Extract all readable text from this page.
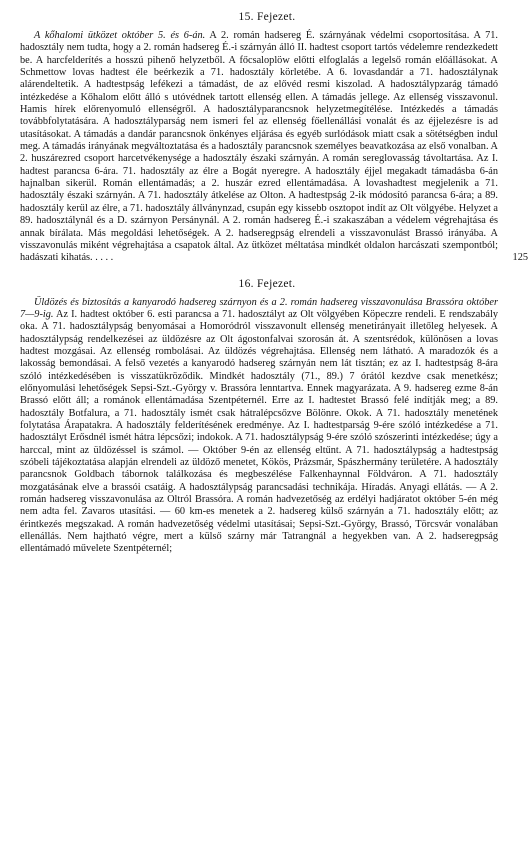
15. Fejezet.

A kőhalomi ütközet október 5. és 6-án. A 2. román hadsereg É. szárnyának védelmi csoportosítása. A 71. hadosztály nem tudta, hogy a 2. román hadsereg É.-i szárnyán álló II. hadtest csoport tartós védelemre rendezkedett be. A harcfelderítés a hosszú pihenő helyzetből. A főcsaloplöw előtti elfoglalás a legelső román előállásokat. A Schmettow lovas hadtest éle beérkezik a 71. hadosztály körletébe. A 6. lovasdandár a 71. hadosztálynak alárendeltetik. A hadtestpság lefékezi a támadást, de az elővéd resmi kiszolad. A hadosztálypzarág támadó intézkedése a Kőhalom előtt álló s utóvédnek tartott ellenség ellen. A támadás jellege. Az ellenség visszavonul. Hamis hírek előrenyomuló ellenségről. A hadosztályparancsnok helyzetmegítélése. Intézkedés a támadás továbbfolytatására. A hadosztályparság nem ismeri fel az ellenség főellenállási vonalát és az éjjelezésre is ad utasításokat. A támadás a dandár parancsnok önkényes eljárása és egyéb surlódások miatt csak a sötétségben indul meg. A támadás irányának megváltoztatása és a hadosztály parancsnok személyes beavatkozása az első vonalban. A 2. huszárezred csoport harcetvékenysége a hadosztály északi szárnyán. A román sereglovasság távoltartása. Az I. hadtest parancsa 6-ára. 71. hadosztály az élre a Bogát nyeregre. A hadosztály éjjel megakadt támadásba 6-án hajnalban sikerül. Román ellentámadás; a 2. huszár ezred ellentámadása. A lovashadtest megjelenik a 71. hadosztály északi szárnyán. A 71. hadosztály átkelése az Olton. A hadtestpság 2-ik módosító parancsa 6-ára; a 89. hadosztály kerül az élre, a 71. hadosztály állványnzad, csupán egy kissebb osztopot indít az Olt völgyébe. Helyzet a 89. hadosztálynál és a D. szárnyon Persánynál. A 2. román hadsereg É.-i szakaszában a védelem végrehajtása és annak bírálata. Más megoldási lehetőségek. A 2. hadseregpság elrendeli a visszavonulást Brassó irányába. A visszavonulás miként végrehajtása a csapatok által. Az ütközet méltatása mindkét oldalon harcászati szempontból; hadászati kihatás. . . . .	125

16. Fejezet.

Üldözés és biztosítás a kanyarodó hadsereg szárnyon és a 2. román hadsereg visszavonulása Brassóra október 7—9-ig. Az I. hadtest október 6. esti parancsa a 71. hadosztályt az Olt völgyében Köpeczre rendeli. E rendszabály oka. A 71. hadosztálypság benyomásai a Homoródról visszavonult ellenség menetirányait illetőleg helyesek. A hadosztálypság rendelkezései az üldözésre az Olt ágostonfalvai szorosán át. A szentsrédok, különösen a lovas hadtest mozgásai. Az ellenség rombolásai. Az üldözés végrehajtása. Ellenség nem látható. A maradozók és a lakosság bemondásai. A felső vezetés a kanyarodó hadsereg szárnyán nem lát tisztán; ez az I. hadtestpság 8-ára szóló intézkedésében is visszatükröződik. Mindkét hadosztály (71., 89.) 7 órától kezdve csak menetkész; előnyomulási lehetőségek Sepsi-Szt.-György v. Brassóra lenntartva. Ennek magyarázata. A 9. hadsereg ezme 8-án Brassó előtt áll; a románok ellentámadása Szentpéternél. Erre az I. hadtestet Brassó felé indítják meg; a 89. hadosztály Botfalura, a 71. hadosztály ismét csak hátralépcsőzve Bölönre. Okok. A 71. hadosztály menetének folytatása Árapatakra. A hadosztály felderítésének eredménye. Az I. hadtestparság 9-ére szóló intézkedése a 71. hadosztályt Erősdnél ismét hátra lépcsőzi; indokok. A 71. hadosztálypság 9-ére szóló szószerinti intézkedése; úgy a harccal, mint az üldözéssel is számol. — Október 9-én az ellenség eltűnt. A 71. hadosztálypság a hadtestpság szóbeli tájékoztatása alapján elrendeli az üldöző menetet, Kökös, Prázsmár, Spászhermány területére. A hadosztály parancsnok Goldbach tábornok találkozása és megbeszélése Falkenhaynnal Földváron. A 71. hadosztály mozgatásának elve a brassói csatáig. A hadosztálypság parancsadási technikája. Híradás. Anyagi ellátás. — A 2. román hadsereg visszavonulása az Oltról Brassóra. A román hadvezetőség az erdélyi hadjáratot október 5-én még nem adta fel. Zavaros utasítási. — 60 km-es menetek a 2. hadsereg külső szárnyán a 71. hadosztály előtt; az érintkezés megszakad. A román hadvezetőség védelmi utasításai; Sepsi-Szt.-György, Brassó, Törcsvár vonalában ellenállás. Nem hajtható végre, mert a külső szárny már Tatrangnál a hegyekben van. A 2. hadseregpság ellentámadó művelete Szentpéternél;
